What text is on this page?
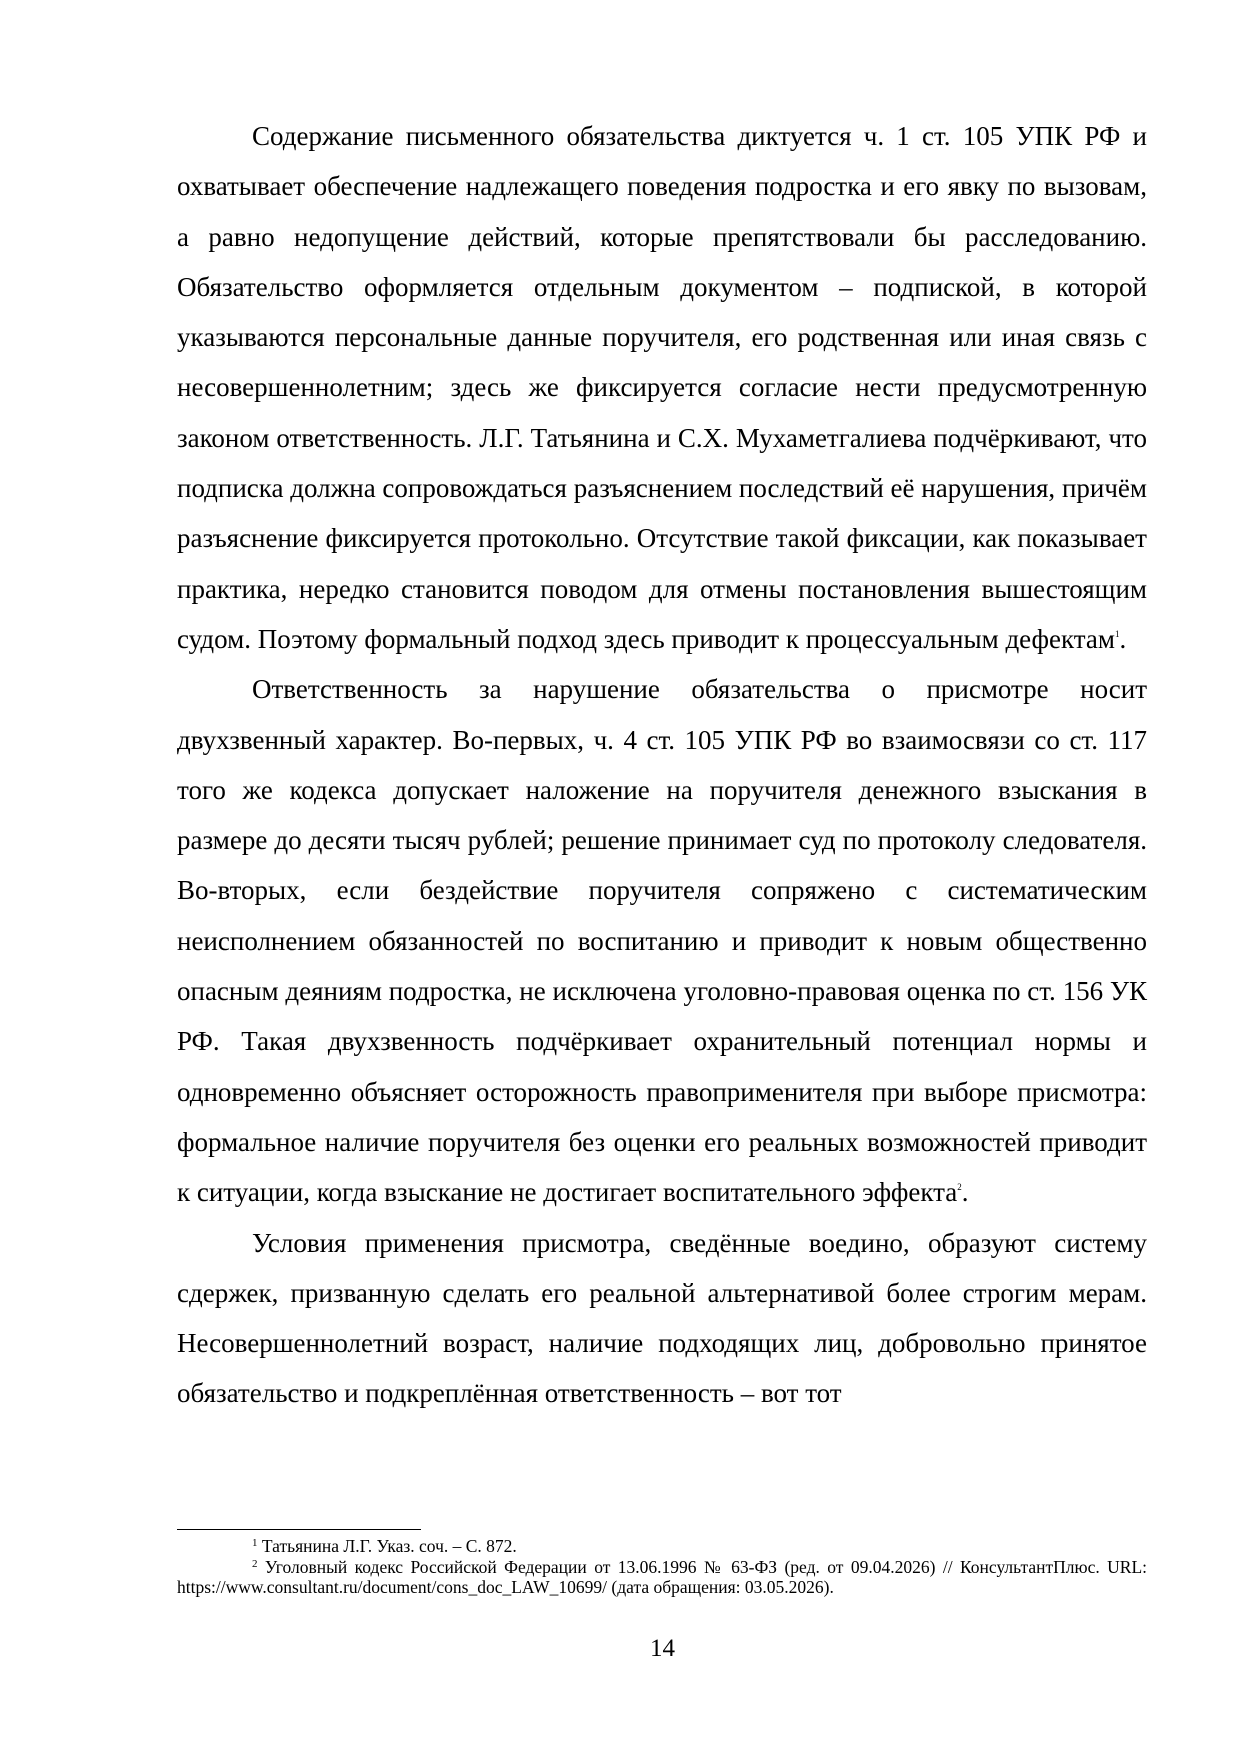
Содержание письменного обязательства диктуется ч. 1 ст. 105 УПК РФ и охватывает обеспечение надлежащего поведения подростка и его явку по вызовам, а равно недопущение действий, которые препятствовали бы расследованию. Обязательство оформляется отдельным документом – подпиской, в которой указываются персональные данные поручителя, его родственная или иная связь с несовершеннолетним; здесь же фиксируется согласие нести предусмотренную законом ответственность. Л.Г. Татьянина и С.Х. Мухаметгалиева подчёркивают, что подписка должна сопровождаться разъяснением последствий её нарушения, причём разъяснение фиксируется протокольно. Отсутствие такой фиксации, как показывает практика, нередко становится поводом для отмены постановления вышестоящим судом. Поэтому формальный подход здесь приводит к процессуальным дефектам$^1$.

Ответственность за нарушение обязательства о присмотре носит двухзвенный характер. Во-первых, ч. 4 ст. 105 УПК РФ во взаимосвязи со ст. 117 того же кодекса допускает наложение на поручителя денежного взыскания в размере до десяти тысяч рублей; решение принимает суд по протоколу следователя. Во-вторых, если бездействие поручителя сопряжено с систематическим неисполнением обязанностей по воспитанию и приводит к новым общественно опасным деяниям подростка, не исключена уголовно-правовая оценка по ст. 156 УК РФ. Такая двухзвенность подчёркивает охранительный потенциал нормы и одновременно объясняет осторожность правоприменителя при выборе присмотра: формальное наличие поручителя без оценки его реальных возможностей приводит к ситуации, когда взыскание не достигает воспитательного эффекта$^2$.

Условия применения присмотра, сведённые воедино, образуют систему сдержек, призванную сделать его реальной альтернативой более строгим мерам. Несовершеннолетний возраст, наличие подходящих лиц, добровольно принятое обязательство и подкреплённая ответственность – вот тот

$^1$ Татьянина Л.Г. Указ. соч. – С. 872.

$^2$ Уголовный кодекс Российской Федерации от 13.06.1996 № 63-ФЗ (ред. от 09.04.2026) // КонсультантПлюс. URL: https://www.consultant.ru/document/cons_doc_LAW_10699/ (дата обращения: 03.05.2026).

14
